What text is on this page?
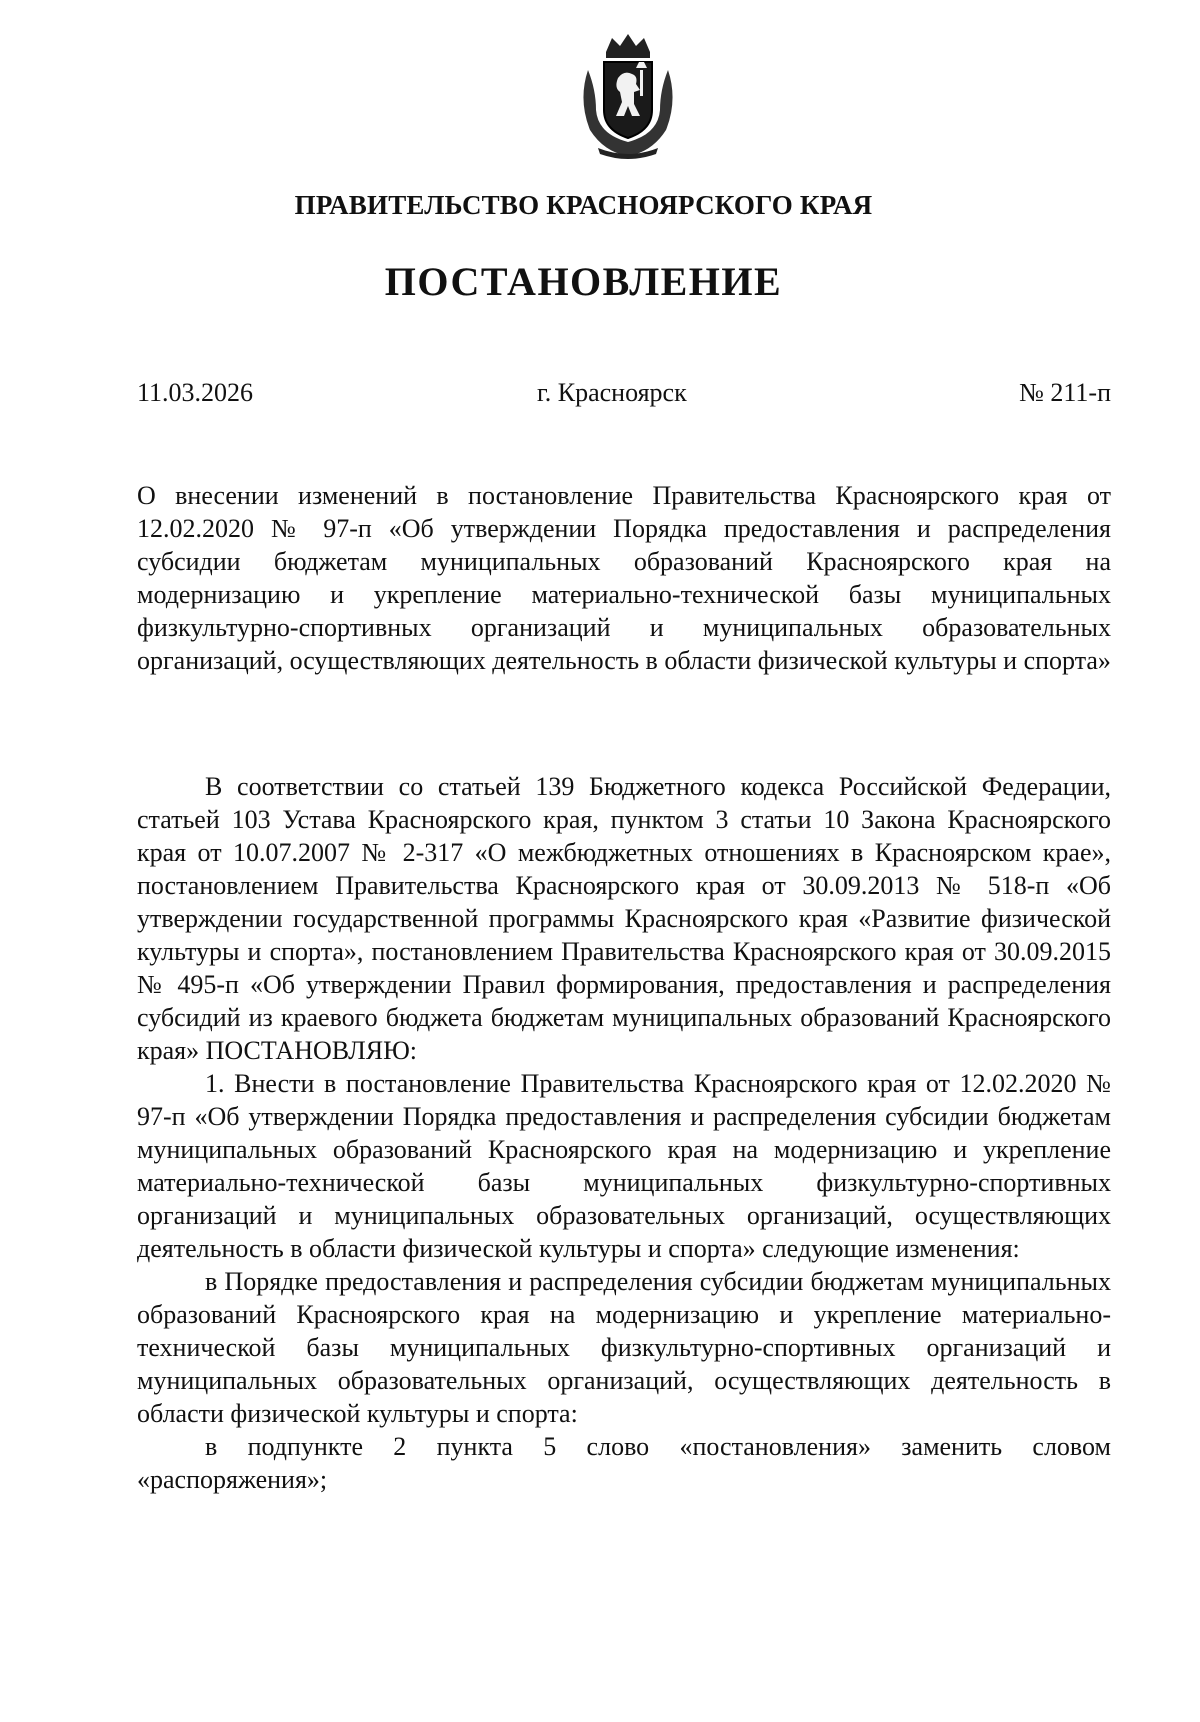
ПРАВИТЕЛЬСТВО КРАСНОЯРСКОГО КРАЯ
ПОСТАНОВЛЕНИЕ
11.03.2026	г. Красноярск	№ 211-п

О внесении изменений в постановление Правительства Красноярского края от 12.02.2020 № 97-п «Об утверждении Порядка предоставления и распределения субсидии бюджетам муниципальных образований Красноярского края на модернизацию и укрепление материально-технической базы муниципальных физкультурно-спортивных организаций и муниципальных образовательных организаций, осуществляющих деятельность в области физической культуры и спорта»

В соответствии со статьей 139 Бюджетного кодекса Российской Федерации, статьей 103 Устава Красноярского края, пунктом 3 статьи 10 Закона Красноярского края от 10.07.2007 № 2-317 «О межбюджетных отношениях в Красноярском крае», постановлением Правительства Красноярского края от 30.09.2013 № 518-п «Об утверждении государственной программы Красноярского края «Развитие физической культуры и спорта», постановлением Правительства Красноярского края от 30.09.2015 № 495-п «Об утверждении Правил формирования, предоставления и распределения субсидий из краевого бюджета бюджетам муниципальных образований Красноярского края» ПОСТАНОВЛЯЮ:

1. Внести в постановление Правительства Красноярского края от 12.02.2020 № 97-п «Об утверждении Порядка предоставления и распределения субсидии бюджетам муниципальных образований Красноярского края на модернизацию и укрепление материально-технической базы муниципальных физкультурно-спортивных организаций и муниципальных образовательных организаций, осуществляющих деятельность в области физической культуры и спорта» следующие изменения:

в Порядке предоставления и распределения субсидии бюджетам муниципальных образований Красноярского края на модернизацию и укрепление материально-технической базы муниципальных физкультурно-спортивных организаций и муниципальных образовательных организаций, осуществляющих деятельность в области физической культуры и спорта:

в подпункте 2 пункта 5 слово «постановления» заменить словом «распоряжения»;
